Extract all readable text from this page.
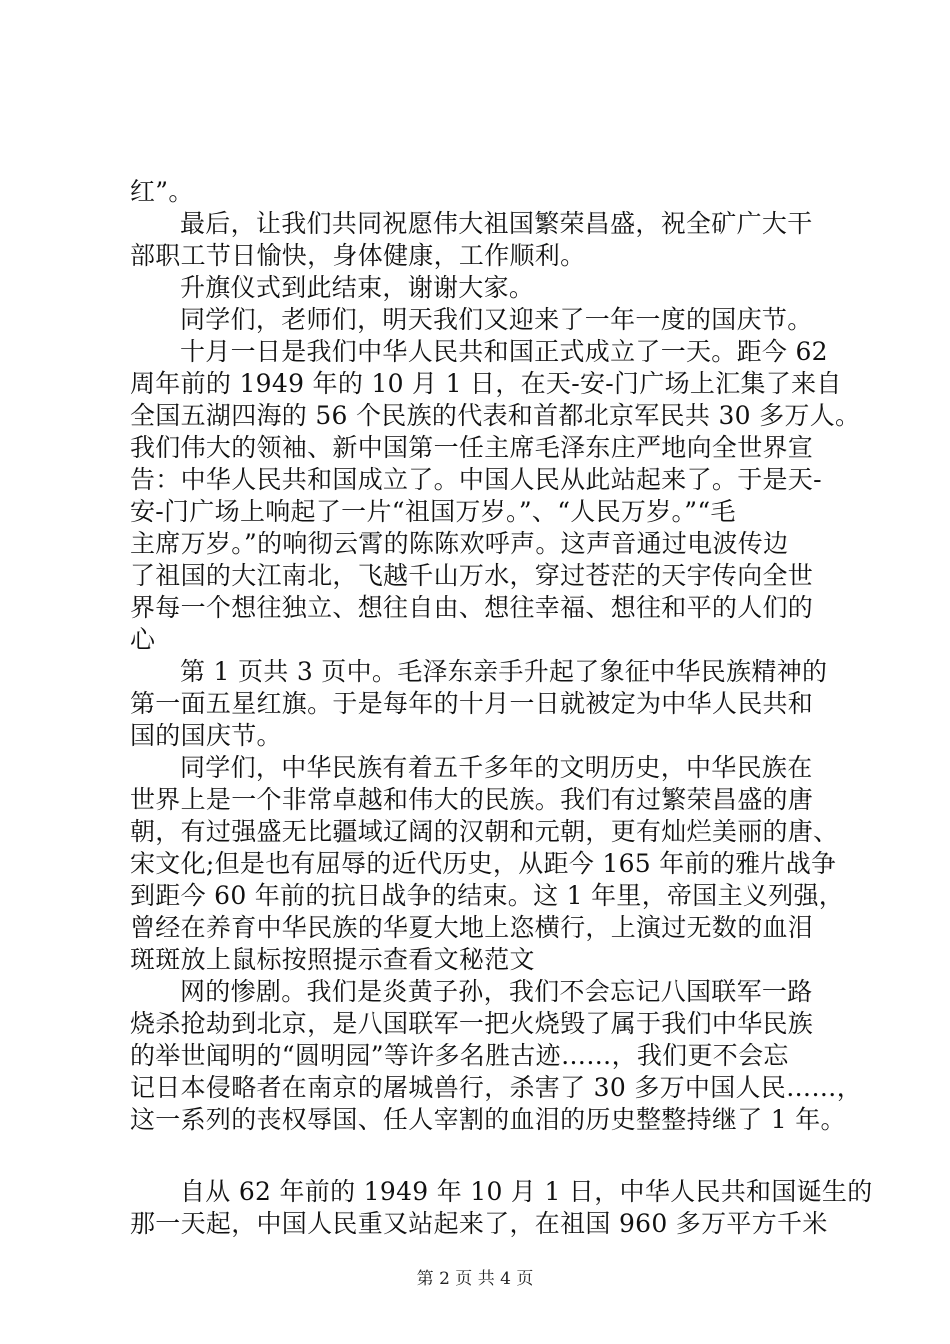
红”。
最后，让我们共同祝愿伟大祖国繁荣昌盛，祝全矿广大干
部职工节日愉快，身体健康，工作顺利。
升旗仪式到此结束，谢谢大家。
同学们，老师们，明天我们又迎来了一年一度的国庆节。
十月一日是我们中华人民共和国正式成立了一天。距今 62
周年前的 1949 年的 10 月 1 日，在天-安-门广场上汇集了来自
全国五湖四海的 56 个民族的代表和首都北京军民共 30 多万人。
我们伟大的领袖、新中国第一任主席毛泽东庄严地向全世界宣
告：中华人民共和国成立了。中国人民从此站起来了。于是天-
安-门广场上响起了一片“祖国万岁。”、“人民万岁。”“毛
主席万岁。”的响彻云霄的陈陈欢呼声。这声音通过电波传边
了祖国的大江南北，飞越千山万水，穿过苍茫的天宇传向全世
界每一个想往独立、想往自由、想往幸福、想往和平的人们的
心
第 1 页共 3 页中。毛泽东亲手升起了象征中华民族精神的
第一面五星红旗。于是每年的十月一日就被定为中华人民共和
国的国庆节。
同学们，中华民族有着五千多年的文明历史，中华民族在
世界上是一个非常卓越和伟大的民族。我们有过繁荣昌盛的唐
朝，有过强盛无比疆域辽阔的汉朝和元朝，更有灿烂美丽的唐、
宋文化;但是也有屈辱的近代历史，从距今 165 年前的雅片战争
到距今 60 年前的抗日战争的结束。这 1 年里，帝国主义列强，
曾经在养育中华民族的华夏大地上恣横行，上演过无数的血泪
斑斑放上鼠标按照提示查看文秘范文
网的惨剧。我们是炎黄子孙，我们不会忘记八国联军一路
烧杀抢劫到北京，是八国联军一把火烧毁了属于我们中华民族
的举世闻明的“圆明园”等许多名胜古迹……，我们更不会忘
记日本侵略者在南京的屠城兽行，杀害了 30 多万中国人民……，
这一系列的丧权辱国、任人宰割的血泪的历史整整持继了 1 年。
自从 62 年前的 1949 年 10 月 1 日，中华人民共和国诞生的
那一天起，中国人民重又站起来了，在祖国 960 多万平方千米
第 2 页 共 4 页
